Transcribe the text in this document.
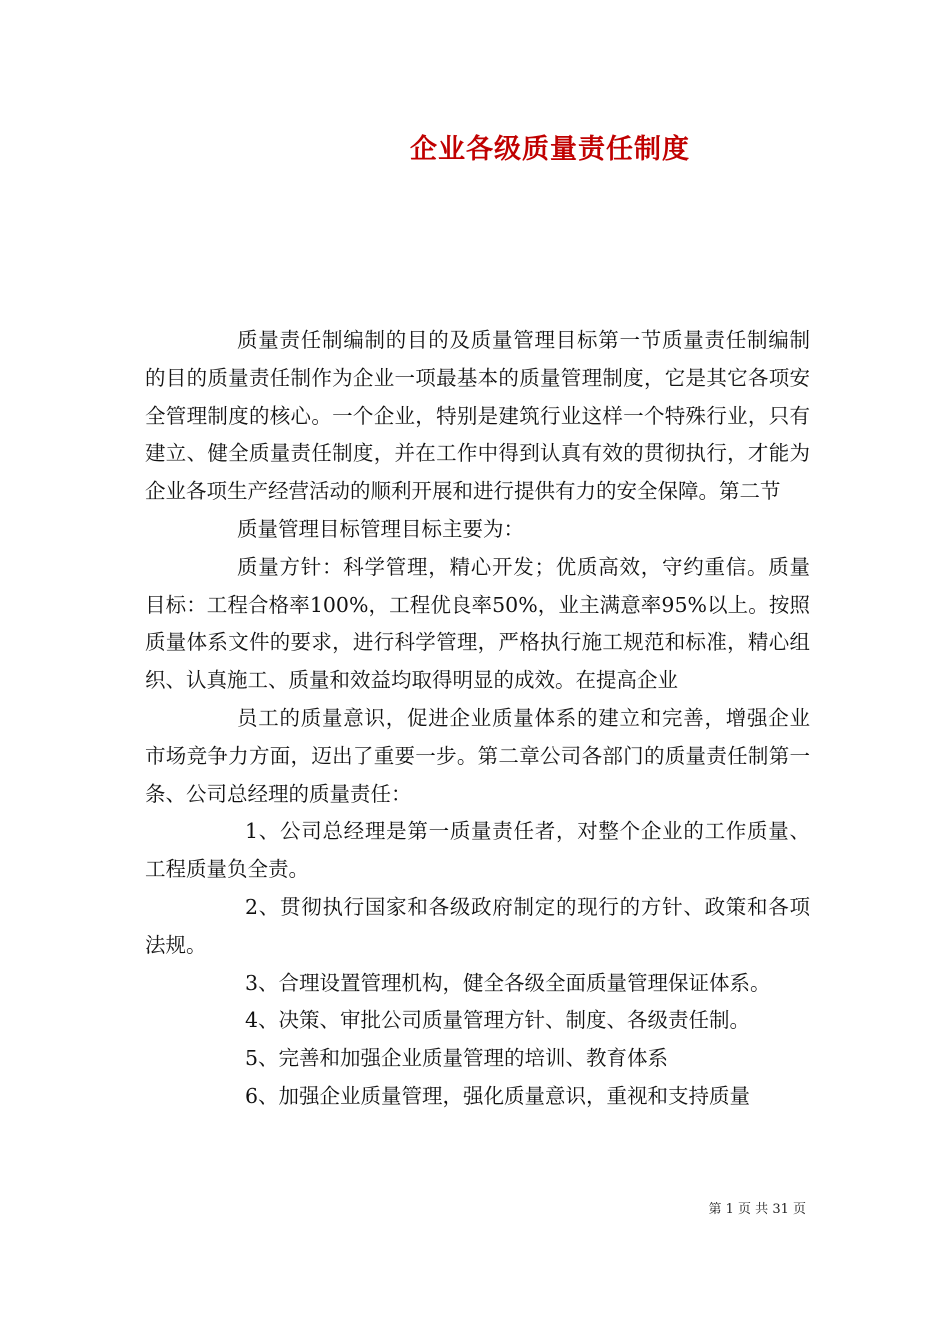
企业各级质量责任制度

质量责任制编制的目的及质量管理目标第一节质量责任制编制的目的质量责任制作为企业一项最基本的质量管理制度，它是其它各项安全管理制度的核心。一个企业，特别是建筑行业这样一个特殊行业，只有建立、健全质量责任制度，并在工作中得到认真有效的贯彻执行，才能为企业各项生产经营活动的顺利开展和进行提供有力的安全保障。第二节

质量管理目标管理目标主要为：

质量方针：科学管理，精心开发；优质高效，守约重信。质量目标：工程合格率100%，工程优良率50%，业主满意率95%以上。按照质量体系文件的要求，进行科学管理，严格执行施工规范和标准，精心组织、认真施工、质量和效益均取得明显的成效。在提高企业

员工的质量意识，促进企业质量体系的建立和完善，增强企业市场竞争力方面，迈出了重要一步。第二章公司各部门的质量责任制第一条、公司总经理的质量责任：

1、公司总经理是第一质量责任者，对整个企业的工作质量、工程质量负全责。

2、贯彻执行国家和各级政府制定的现行的方针、政策和各项法规。

3、合理设置管理机构，健全各级全面质量管理保证体系。

4、决策、审批公司质量管理方针、制度、各级责任制。

5、完善和加强企业质量管理的培训、教育体系

6、加强企业质量管理，强化质量意识，重视和支持质量

第 1 页 共 31 页
